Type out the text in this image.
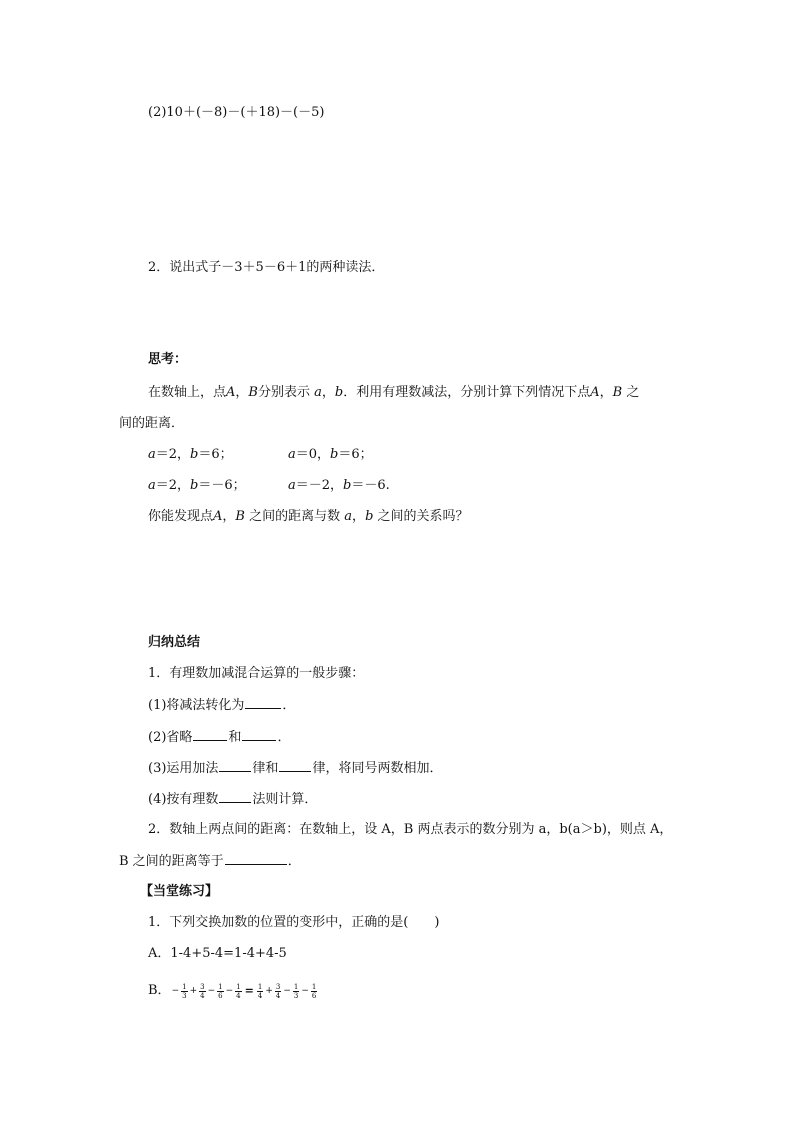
(2)10＋(－8)－(＋18)－(－5)
2．说出式子－3＋5－6＋1的两种读法．
思考：
在数轴上，点A，B分别表示 a，b．利用有理数减法，分别计算下列情况下点A，B 之
间的距离．
a＝2，b＝6；	a＝0，b＝6；
a＝2，b＝－6；	a＝－2，b＝－6.
你能发现点A，B 之间的距离与数 a，b 之间的关系吗？
归纳总结
1．有理数加减混合运算的一般步骤：
(1)将减法转化为	．
(2)省略	和	．
(3)运用加法	律和	律，将同号两数相加．
(4)按有理数	法则计算．
2．数轴上两点间的距离：在数轴上，设 A，B 两点表示的数分别为 a，b(a＞b)，则点 A，
B 之间的距离等于	．
【当堂练习】
1．下列交换加数的位置的变形中，正确的是(　　)
A．1-4+5-4=1-4+4-5
B． − $\frac{1}{3} + \frac{3}{4} - \frac{1}{6} - \frac{1}{4} = \frac{1}{4} + \frac{3}{4} - \frac{1}{3} - \frac{1}{6}$
